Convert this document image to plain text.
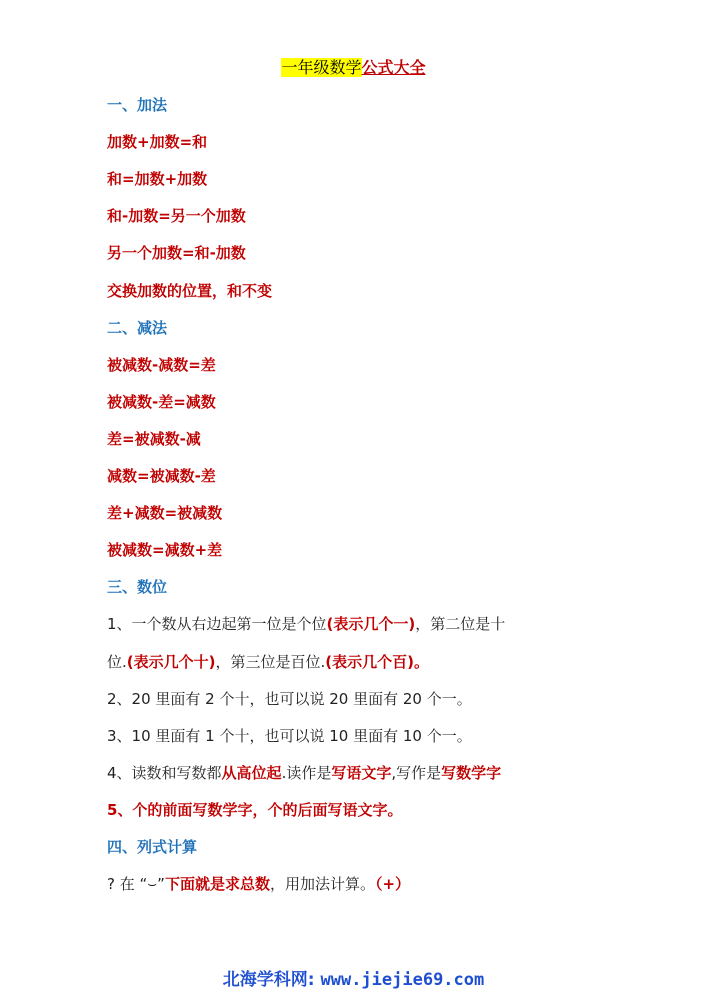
一年级数学公式大全
一、加法
加数+加数=和
和=加数+加数
和-加数=另一个加数
另一个加数=和-加数
交换加数的位置，和不变
二、减法
被减数-减数=差
被减数-差=减数
差=被减数-减
减数=被减数-差
差+减数=被减数
被减数=减数+差
三、数位
1、一个数从右边起第一位是个位(表示几个一)，第二位是十
位.(表示几个十)，第三位是百位.(表示几个百)。
2、20 里面有 2 个十，也可以说 20 里面有 20 个一。
3、10 里面有 1 个十，也可以说 10 里面有 10 个一。
4、读数和写数都从高位起.读作是写语文字,写作是写数学字
5、个的前面写数学字，个的后面写语文字。
四、列式计算
? 在 “⌣”下面就是求总数，用加法计算。（+）
北海学科网: www.jiejie69.com
